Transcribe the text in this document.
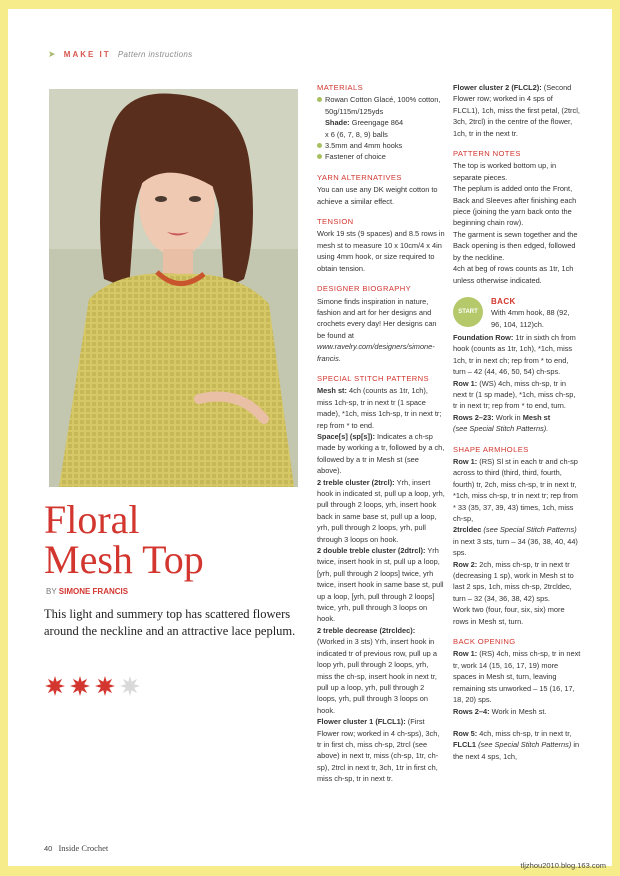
➤ MAKE IT Pattern instructions
Floral
Mesh Top
BY SIMONE FRANCIS
This light and summery top has scattered flowers around the neckline and an attractive lace peplum.
MATERIALS
Rowan Cotton Glacé, 100% cotton, 50g/115m/125yds
Shade: Greengage 864
x 6 (6, 7, 8, 9) balls
3.5mm and 4mm hooks
Fastener of choice
YARN ALTERNATIVES

You can use any DK weight cotton to achieve a similar effect.

TENSION

Work 19 sts (9 spaces) and 8.5 rows in mesh st to measure 10 x 10cm/4 x 4in using 4mm hook, or size required to obtain tension.

DESIGNER BIOGRAPHY

Simone finds inspiration in nature, fashion and art for her designs and crochets every day! Her designs can be found at www.ravelry.com/designers/simone-francis.

SPECIAL STITCH PATTERNS

Mesh st: 4ch (counts as 1tr, 1ch), miss 1ch-sp, tr in next tr (1 space made), *1ch, miss 1ch-sp, tr in next tr; rep from * to end.

Space[s] (sp[s]): Indicates a ch-sp made by working a tr, followed by a ch, followed by a tr in Mesh st (see above).

2 treble cluster (2trcl): Yrh, insert hook in indicated st, pull up a loop, yrh, pull through 2 loops, yrh, insert hook back in same base st, pull up a loop, yrh, pull through 2 loops, yrh, pull through 3 loops on hook.

2 double treble cluster (2dtrcl): Yrh twice, insert hook in st, pull up a loop, [yrh, pull through 2 loops] twice, yrh twice, insert hook in same base st, pull up a loop, [yrh, pull through 2 loops] twice, yrh, pull through 3 loops on hook.

2 treble decrease (2trcldec): (Worked in 3 sts) Yrh, insert hook in indicated tr of previous row, pull up a loop yrh, pull through 2 loops, yrh, miss the ch-sp, insert hook in next tr, pull up a loop, yrh, pull through 2 loops, yrh, pull through 3 loops on hook.

Flower cluster 1 (FLCL1): (First Flower row; worked in 4 ch-sps), 3ch, tr in first ch, miss ch-sp, 2trcl (see above) in next tr, miss (ch-sp, 1tr, ch-sp), 2trcl in next tr, 3ch, 1tr in first ch, miss ch-sp, tr in next tr.

Flower cluster 2 (FLCL2): (Second Flower row; worked in 4 sps of FLCL1), 1ch, miss the first petal, (2trcl, 3ch, 2trcl) in the centre of the flower, 1ch, tr in the next tr.

PATTERN NOTES

The top is worked bottom up, in separate pieces.

The peplum is added onto the Front, Back and Sleeves after finishing each piece (joining the yarn back onto the beginning chain row).

The garment is sewn together and the Back opening is then edged, followed by the neckline.

4ch at beg of rows counts as 1tr, 1ch unless otherwise indicated.

START
BACK
With 4mm hook, 88 (92, 96, 104, 112)ch.

Foundation Row: 1tr in sixth ch from hook (counts as 1tr, 1ch), *1ch, miss 1ch, tr in next ch; rep from * to end, turn – 42 (44, 46, 50, 54) ch-sps.

Row 1: (WS) 4ch, miss ch-sp, tr in next tr (1 sp made), *1ch, miss ch-sp, tr in next tr; rep from * to end, turn.

Rows 2–23: Work in Mesh st
(see Special Stitch Patterns).

SHAPE ARMHOLES

Row 1: (RS) Sl st in each tr and ch-sp across to third (third, third, fourth, fourth) tr, 2ch, miss ch-sp, tr in next tr, *1ch, miss ch-sp, tr in next tr; rep from * 33 (35, 37, 39, 43) times, 1ch, miss ch-sp,
2trcldec (see Special Stitch Patterns) in next 3 sts, turn – 34 (36, 38, 40, 44) sps.

Row 2: 2ch, miss ch-sp, tr in next tr (decreasing 1 sp), work in Mesh st to last 2 sps, 1ch, miss ch-sp, 2trcldec, turn – 32 (34, 36, 38, 42) sps.

Work two (four, four, six, six) more rows in Mesh st, turn.

BACK OPENING

Row 1: (RS) 4ch, miss ch-sp, tr in next tr, work 14 (15, 16, 17, 19) more spaces in Mesh st, turn, leaving remaining sts unworked – 15 (16, 17, 18, 20) sps.

Rows 2–4: Work in Mesh st.

Row 5: 4ch, miss ch-sp, tr in next tr, FLCL1 (see Special Stitch Patterns) in the next 4 sps, 1ch,

40 Inside Crochet
tljzhou2010.blog.163.com
